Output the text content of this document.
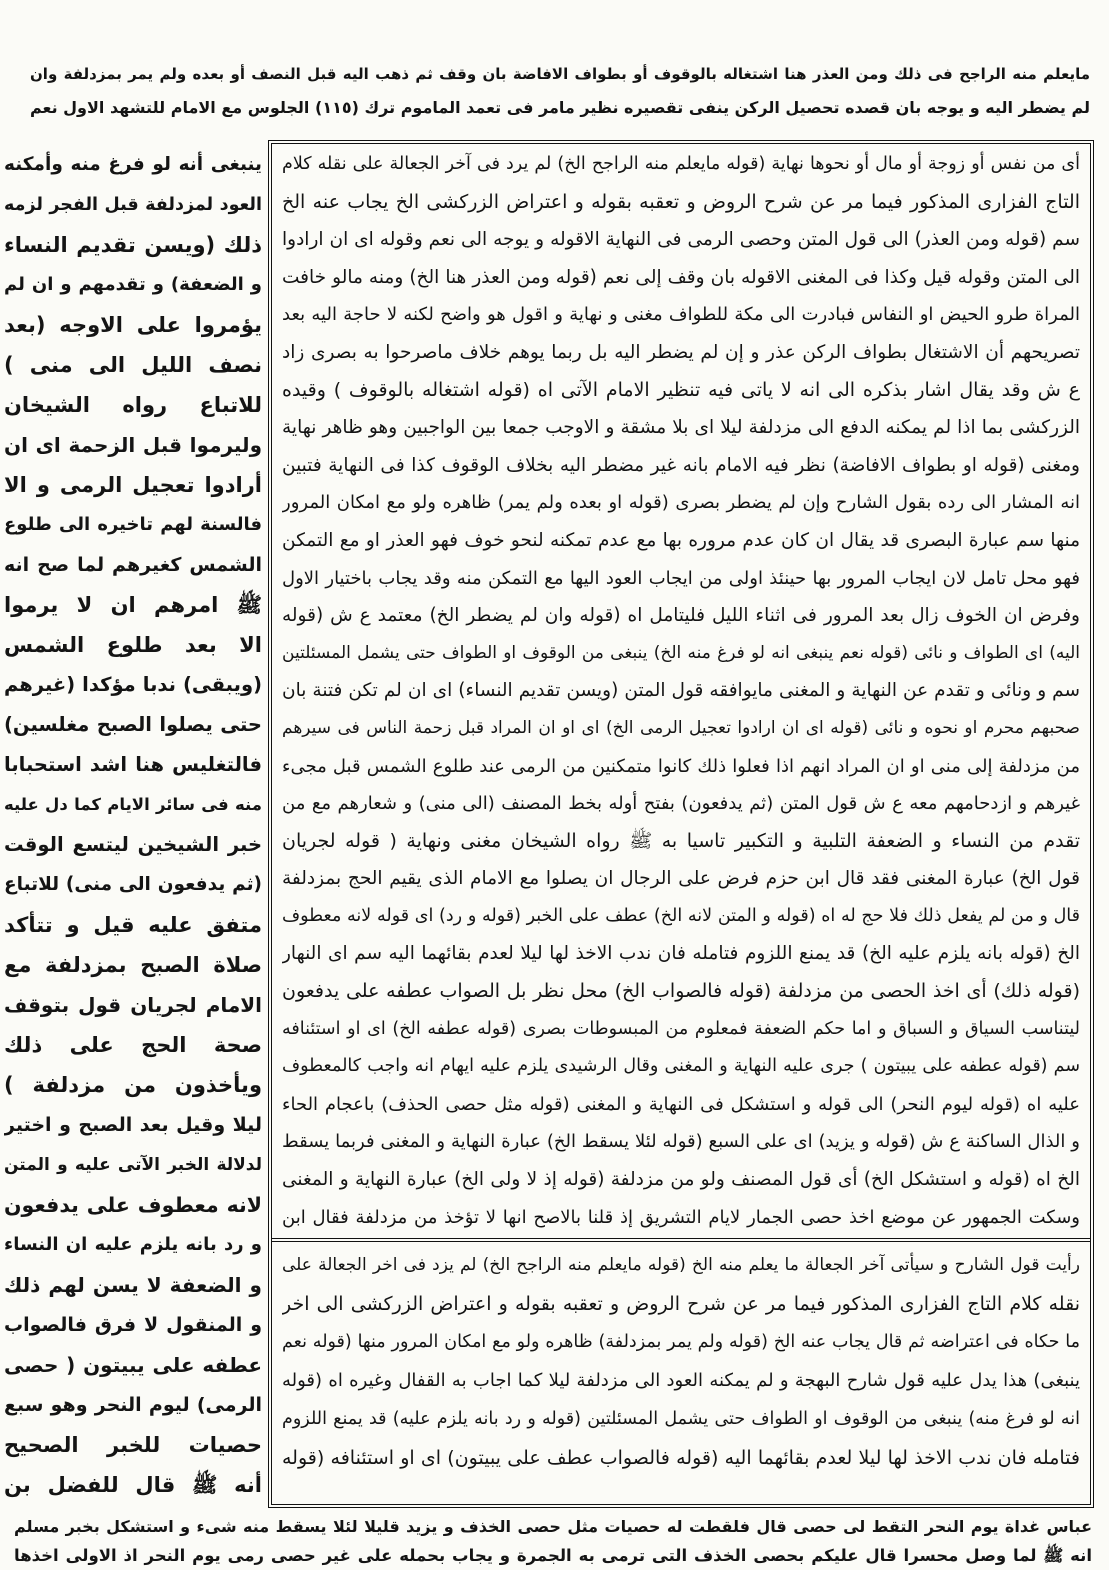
مايعلم منه الراجح فى ذلك ومن العذر هنا اشتغاله بالوقوف أو بطواف الافاضة بان وقف ثم ذهب اليه قبل النصف أو بعده ولم يمر بمزدلفة وان
لم يضطر اليه و يوجه بان قصده تحصيل الركن ينفى تقصيره نظير مامر فى تعمد الماموم ترك (١١٥) الجلوس مع الامام للتشهد الاول نعم
أى من نفس أو زوجة أو مال أو نحوها نهاية (قوله مايعلم منه الراجح الخ) لم يرد فى آخر الجعالة على نقله كلام
التاج الفزارى المذكور فيما مر عن شرح الروض و تعقبه بقوله و اعتراض الزركشى الخ يجاب عنه الخ
سم (قوله ومن العذر) الى قول المتن وحصى الرمى فى النهاية الاقوله و يوجه الى نعم وقوله اى ان ارادوا
الى المتن وقوله قيل وكذا فى المغنى الاقوله بان وقف إلى نعم (قوله ومن العذر هنا الخ) ومنه مالو خافت
المراة طرو الحيض او النفاس فبادرت الى مكة للطواف مغنى و نهاية و اقول هو واضح لكنه لا حاجة اليه بعد
تصريحهم أن الاشتغال بطواف الركن عذر و إن لم يضطر اليه بل ربما يوهم خلاف ماصرحوا به بصرى زاد
ع ش وقد يقال اشار بذكره الى انه لا ياتى فيه تنظير الامام الآتى اه (قوله اشتغاله بالوقوف ) وقيده
الزركشى بما اذا لم يمكنه الدفع الى مزدلفة ليلا اى بلا مشقة و الاوجب جمعا بين الواجبين وهو ظاهر نهاية
ومغنى (قوله او بطواف الافاضة) نظر فيه الامام بانه غير مضطر اليه بخلاف الوقوف كذا فى النهاية فتبين
انه المشار الى رده بقول الشارح وإن لم يضطر بصرى (قوله او بعده ولم يمر) ظاهره ولو مع امكان المرور
منها سم عبارة البصرى قد يقال ان كان عدم مروره بها مع عدم تمكنه لنحو خوف فهو العذر او مع التمكن
فهو محل تامل لان ايجاب المرور بها حينئذ اولى من ايجاب العود اليها مع التمكن منه وقد يجاب باختيار الاول
وفرض ان الخوف زال بعد المرور فى اثناء الليل فليتامل اه (قوله وان لم يضطر الخ) معتمد ع ش (قوله
اليه) اى الطواف و نائى (قوله نعم ينبغى انه لو فرغ منه الخ) ينبغى من الوقوف او الطواف حتى يشمل المسئلتين
سم و ونائى و تقدم عن النهاية و المغنى مايوافقه قول المتن (ويسن تقديم النساء) اى ان لم تكن فتنة بان
صحبهم محرم او نحوه و نائى (قوله اى ان ارادوا تعجيل الرمى الخ) اى او ان المراد قبل زحمة الناس فى سيرهم
من مزدلفة إلى منى او ان المراد انهم اذا فعلوا ذلك كانوا متمكنين من الرمى عند طلوع الشمس قبل مجىء
غيرهم و ازدحامهم معه ع ش قول المتن (ثم يدفعون) بفتح أوله بخط المصنف (الى منى) و شعارهم مع من
تقدم من النساء و الضعفة التلبية و التكبير تاسيا به ﷺ رواه الشيخان مغنى ونهاية ( قوله لجريان
قول الخ) عبارة المغنى فقد قال ابن حزم فرض على الرجال ان يصلوا مع الامام الذى يقيم الحج بمزدلفة
قال و من لم يفعل ذلك فلا حج له اه (قوله و المتن لانه الخ) عطف على الخبر (قوله و رد) اى قوله لانه معطوف
الخ (قوله بانه يلزم عليه الخ) قد يمنع اللزوم فتامله فان ندب الاخذ لها ليلا لعدم بقائهما اليه سم اى النهار
(قوله ذلك) أى اخذ الحصى من مزدلفة (قوله فالصواب الخ) محل نظر بل الصواب عطفه على يدفعون
ليتناسب السياق و السباق و اما حكم الضعفة فمعلوم من المبسوطات بصرى (قوله عطفه الخ) اى او استئنافه
سم (قوله عطفه على يبيتون ) جرى عليه النهاية و المغنى وقال الرشيدى يلزم عليه ايهام انه واجب كالمعطوف
عليه اه (قوله ليوم النحر) الى قوله و استشكل فى النهاية و المغنى (قوله مثل حصى الحذف) باعجام الحاء
و الذال الساكنة ع ش (قوله و يزيد) اى على السبع (قوله لئلا يسقط الخ) عبارة النهاية و المغنى فربما يسقط
الخ اه (قوله و استشكل الخ) أى قول المصنف ولو من مزدلفة (قوله إذ لا ولى الخ) عبارة النهاية و المغنى
وسكت الجمهور عن موضع اخذ حصى الجمار لايام التشريق إذ قلنا بالاصح انها لا تؤخذ من مزدلفة فقال ابن
رأيت قول الشارح و سيأتى آخر الجعالة ما يعلم منه الخ (قوله مايعلم منه الراجح الخ) لم يزد فى اخر الجعالة على
نقله كلام التاج الفزارى المذكور فيما مر عن شرح الروض و تعقبه بقوله و اعتراض الزركشى الى اخر
ما حكاه فى اعتراضه ثم قال يجاب عنه الخ (قوله ولم يمر بمزدلفة) ظاهره ولو مع امكان المرور منها (قوله نعم
ينبغى) هذا يدل عليه قول شارح البهجة و لم يمكنه العود الى مزدلفة ليلا كما اجاب به القفال وغيره اه (قوله
انه لو فرغ منه) ينبغى من الوقوف او الطواف حتى يشمل المسئلتين (قوله و رد بانه يلزم عليه) قد يمنع اللزوم
فتامله فان ندب الاخذ لها ليلا لعدم بقائهما اليه (قوله فالصواب عطف على يبيتون) اى او استئنافه (قوله
ينبغى أنه لو فرغ منه وأمكنه
العود لمزدلفة قبل الفجر لزمه
ذلك (ويسن تقديم النساء
و الضعفة) و تقدمهم و ان لم
يؤمروا على الاوجه (بعد
نصف الليل الى منى )
للاتباع رواه الشيخان
وليرموا قبل الزحمة اى ان
أرادوا تعجيل الرمى و الا
فالسنة لهم تاخيره الى طلوع
الشمس كغيرهم لما صح انه
ﷺ امرهم ان لا يرموا
الا بعد طلوع الشمس
(ويبقى) ندبا مؤكدا (غيرهم
حتى يصلوا الصبح مغلسين)
فالتغليس هنا اشد استحبابا
منه فى سائر الايام كما دل عليه
خبر الشيخين ليتسع الوقت
(ثم يدفعون الى منى) للاتباع
متفق عليه قيل و تتأكد
صلاة الصبح بمزدلفة مع
الامام لجريان قول بتوقف
صحة الحج على ذلك
ويأخذون من مزدلفة )
ليلا وقيل بعد الصبح و اختير
لدلالة الخبر الآتى عليه و المتن
لانه معطوف على يدفعون
و رد بانه يلزم عليه ان النساء
و الضعفة لا يسن لهم ذلك
و المنقول لا فرق فالصواب
عطفه على يبيتون ( حصى
الرمى) ليوم النحر وهو سبع
حصيات للخبر الصحيح
أنه ﷺ قال للفضل بن
عباس غداة يوم النحر التقط لى حصى قال فلقطت له حصيات مثل حصى الخذف و يزيد قليلا لئلا يسقط منه شىء و استشكل بخبر مسلم
انه ﷺ لما وصل محسرا قال عليكم بحصى الخذف التى ترمى به الجمرة و يجاب بحمله على غير حصى رمى يوم النحر اذ الاولى اخذها
